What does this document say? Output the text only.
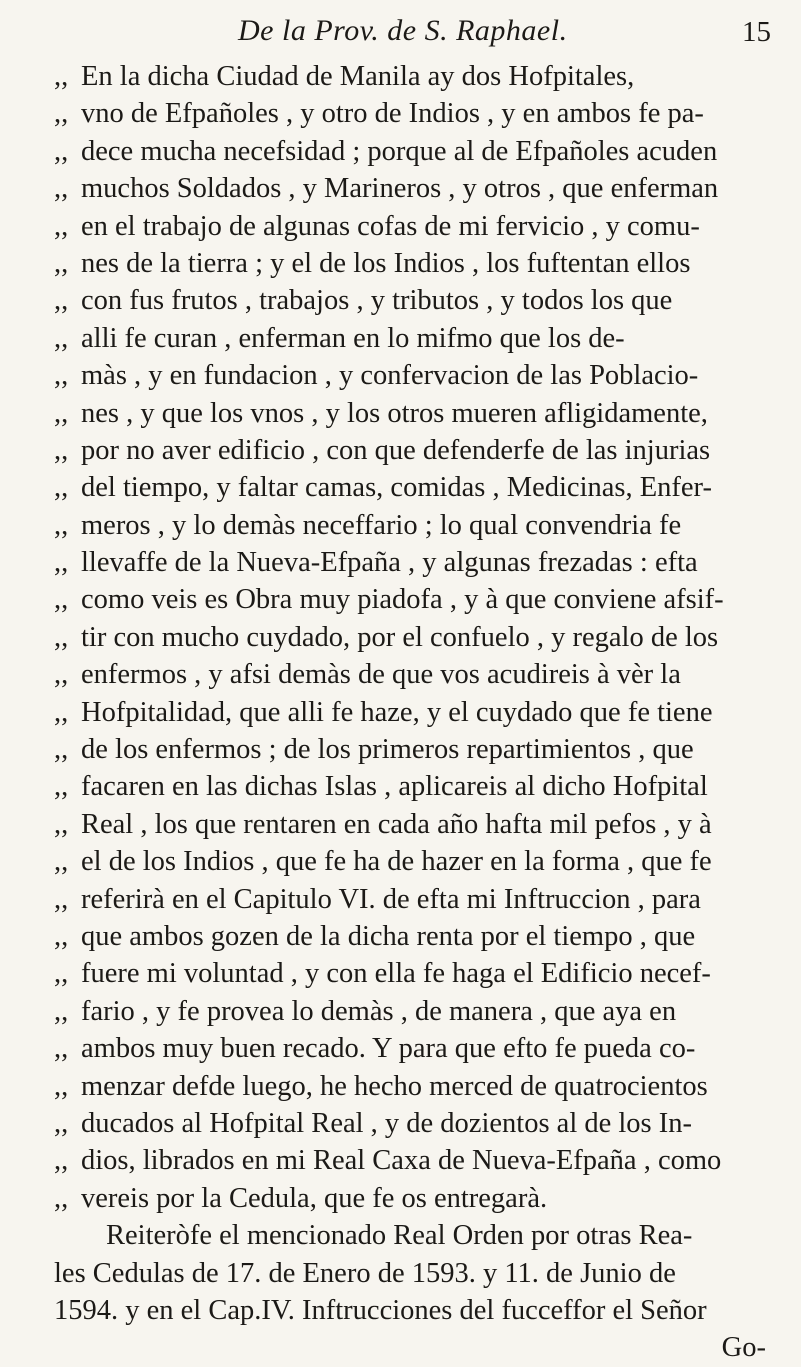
De la Prov. de S. Raphael.	15
,, En la dicha Ciudad de Manila ay dos Hofpitales,
,, vno de Efpañoles , y otro de Indios , y en ambos fe pa-
,, dece mucha necefsidad ; porque al de Efpañoles acuden
,, muchos Soldados , y Marineros , y otros , que enferman
,, en el trabajo de algunas cofas de mi fervicio , y comu-
,, nes de la tierra ; y el de los Indios , los fuftentan ellos
,, con fus frutos , trabajos , y tributos , y todos los que
,, alli fe curan , enferman en lo mifmo que los de-
,, màs , y en fundacion , y confervacion de las Poblacio-
,, nes , y que los vnos , y los otros mueren afligidamente,
,, por no aver edificio , con que defenderfe de las injurias
,, del tiempo, y faltar camas, comidas , Medicinas, Enfer-
,, meros , y lo demàs neceffario ; lo qual convendria fe
,, llevaffe de la Nueva-Efpaña , y algunas frezadas : efta
,, como veis es Obra muy piadofa , y à que conviene afsif-
,, tir con mucho cuydado, por el confuelo , y regalo de los
,, enfermos , y afsi demàs de que vos acudireis à vèr la
,, Hofpitalidad, que alli fe haze, y el cuydado que fe tiene
,, de los enfermos ; de los primeros repartimientos , que
,, facaren en las dichas Islas , aplicareis al dicho Hofpital
,, Real , los que rentaren en cada año hafta mil pefos , y à
,, el de los Indios , que fe ha de hazer en la forma , que fe
,, referirà en el Capitulo VI. de efta mi Inftruccion , para
,, que ambos gozen de la dicha renta por el tiempo , que
,, fuere mi voluntad , y con ella fe haga el Edificio necef-
,, fario , y fe provea lo demàs , de manera , que aya en
,, ambos muy buen recado. Y para que efto fe pueda co-
,, menzar defde luego, he hecho merced de quatrocientos
,, ducados al Hofpital Real , y de dozientos al de los In-
,, dios, librados en mi Real Caxa de Nueva-Efpaña , como
,, vereis por la Cedula, que fe os entregarà.
Reiteròfe el mencionado Real Orden por otras Rea-
les Cedulas de 17. de Enero de 1593. y 11. de Junio de
1594. y en el Cap.IV. Inftrucciones del fucceffor el Señor
Go-
